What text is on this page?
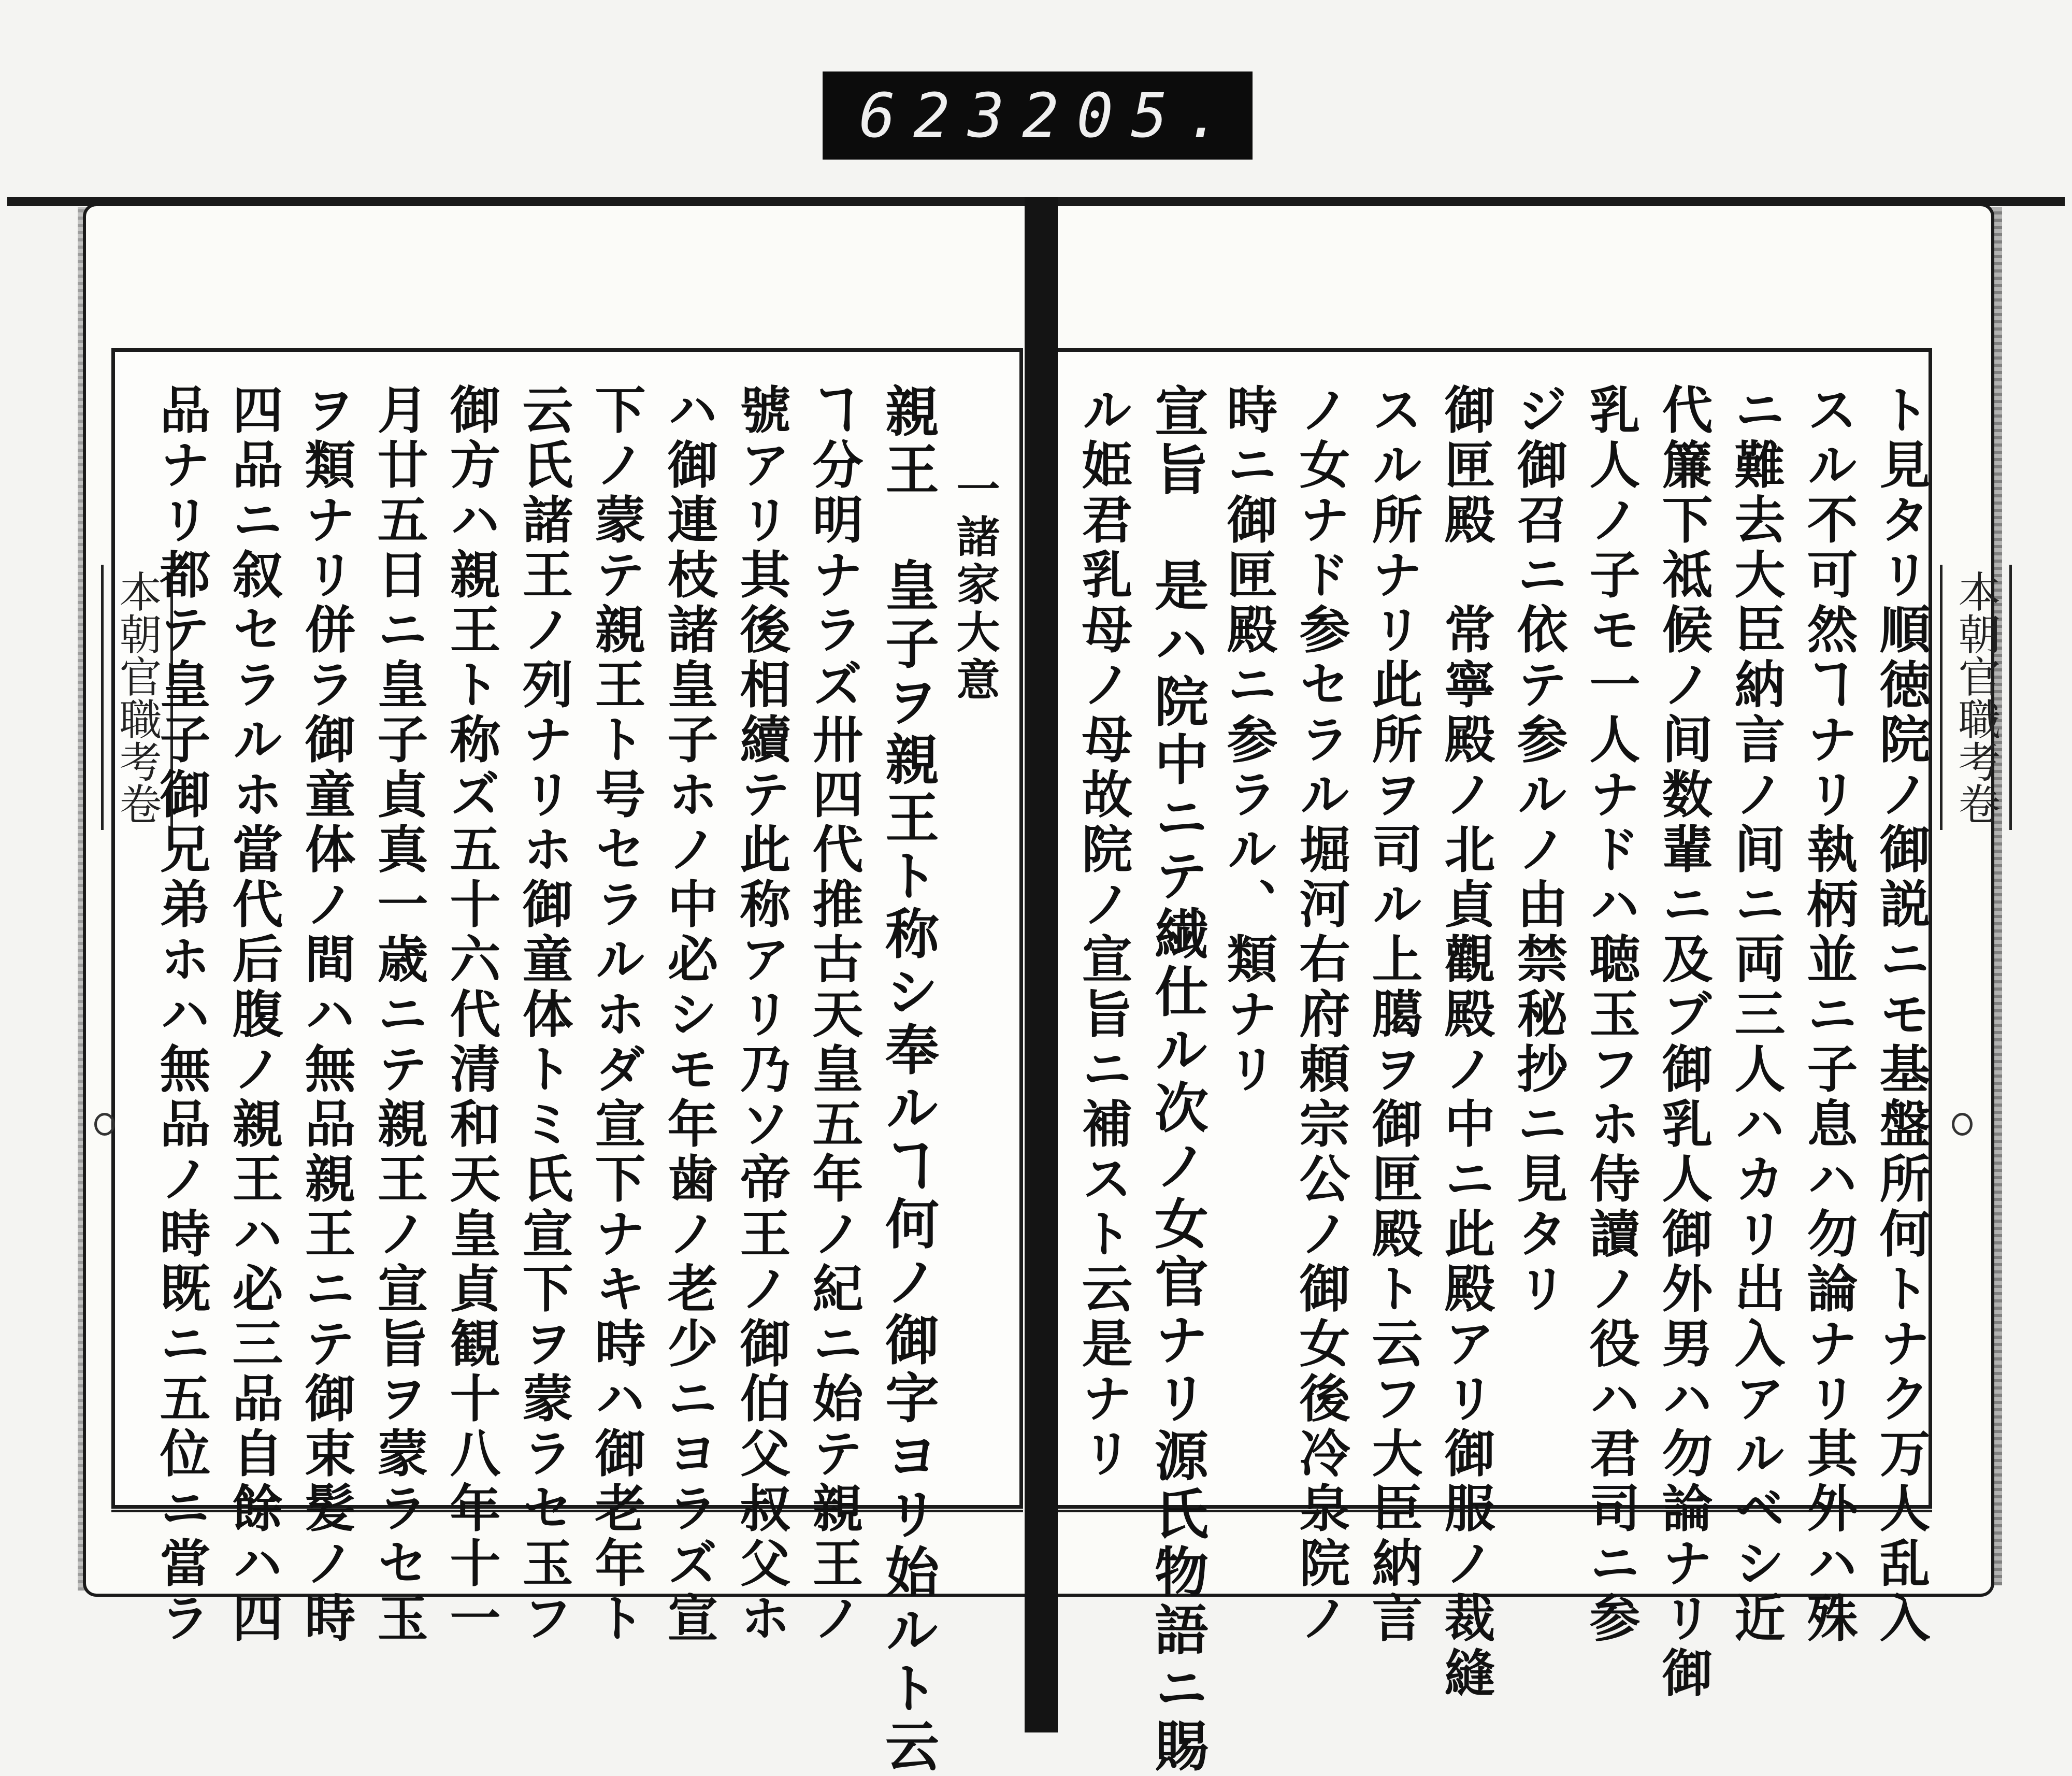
623 205.
本朝官職考卷	本朝官職考卷
品ナリ都テ皇子御兄弟ホハ無品ノ時既ニ五位ニ當ラ 四品ニ叙セラルホ當代后腹ノ親王ハ必三品自餘ハ四 ヲ類ナリ併ラ御童体ノ間ハ無品親王ニテ御束髪ノ時 月廿五日ニ皇子貞真一歳ニテ親王ノ宣旨ヲ蒙ラセ玉 御方ハ親王ト称ズ五十六代清和天皇貞観十八年十一 云氏諸王ノ列ナリホ御童体トミ氏宣下ヲ蒙ラセ玉フ 下ノ蒙テ親王ト号セラルホダ宣下ナキ時ハ御老年ト ハ御連枝諸皇子ホノ中必シモ年歯ノ老少ニヨラズ宣 號アリ其後相續テ此称アリ乃ソ帝王ノ御伯父叔父ホ ヿ分明ナラズ卅四代推古天皇五年ノ紀ニ始テ親王ノ 親王　皇子ヲ親王ト称シ奉ルヿ何ノ御字ヨリ始ルト云 一諸家大意	ト見タリ順徳院ノ御説ニモ基盤所何トナク万人乱入
スル不可然ヿナリ執柄並ニ子息ハ勿論ナリ其外ハ殊
ニ難去大臣納言ノ间ニ両三人ハカリ出入アルベシ近
代簾下祗候ノ间数輩ニ及ブ御乳人御外男ハ勿論ナリ御
乳人ノ子モ一人ナドハ聴玉フホ侍讀ノ役ハ君司ニ参
ジ御召ニ依テ参ルノ由禁秘抄ニ見タリ
御匣殿　常寧殿ノ北貞觀殿ノ中ニ此殿アリ御服ノ裁縫
スル所ナリ此所ヲ司ル上臈ヲ御匣殿ト云フ大臣納言
ノ女ナド参セラル堀河右府頼宗公ノ御女後冷泉院ノ
時ニ御匣殿ニ参ラル、類ナリ
宣旨　是ハ院中ニテ繊仕ル次ノ女官ナリ源氏物語ニ賜
ル姫君乳母ノ母故院ノ宣旨ニ補スト云是ナリ
